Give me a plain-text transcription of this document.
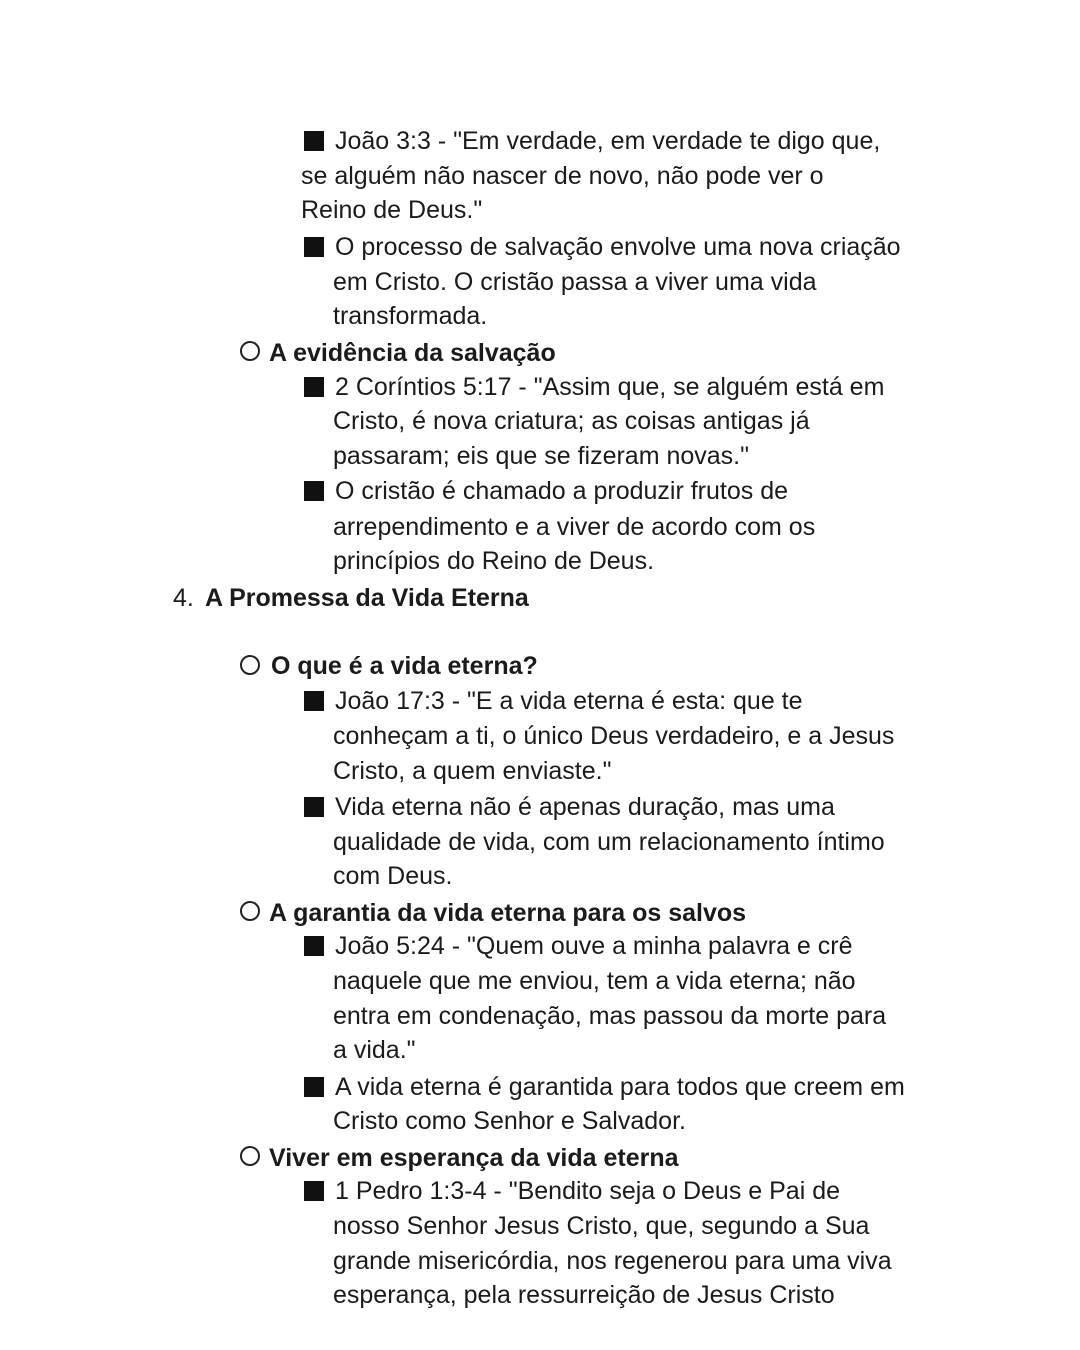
João 3:3 - "Em verdade, em verdade te digo que,
se alguém não nascer de novo, não pode ver o
Reino de Deus."
O processo de salvação envolve uma nova criação
em Cristo. O cristão passa a viver uma vida
transformada.
A evidência da salvação
2 Coríntios 5:17 - "Assim que, se alguém está em
Cristo, é nova criatura; as coisas antigas já
passaram; eis que se fizeram novas."
O cristão é chamado a produzir frutos de
arrependimento e a viver de acordo com os
princípios do Reino de Deus.
4. A Promessa da Vida Eterna
O que é a vida eterna?
João 17:3 - "E a vida eterna é esta: que te
conheçam a ti, o único Deus verdadeiro, e a Jesus
Cristo, a quem enviaste."
Vida eterna não é apenas duração, mas uma
qualidade de vida, com um relacionamento íntimo
com Deus.
A garantia da vida eterna para os salvos
João 5:24 - "Quem ouve a minha palavra e crê
naquele que me enviou, tem a vida eterna; não
entra em condenação, mas passou da morte para
a vida."
A vida eterna é garantida para todos que creem em
Cristo como Senhor e Salvador.
Viver em esperança da vida eterna
1 Pedro 1:3-4 - "Bendito seja o Deus e Pai de
nosso Senhor Jesus Cristo, que, segundo a Sua
grande misericórdia, nos regenerou para uma viva
esperança, pela ressurreição de Jesus Cristo
